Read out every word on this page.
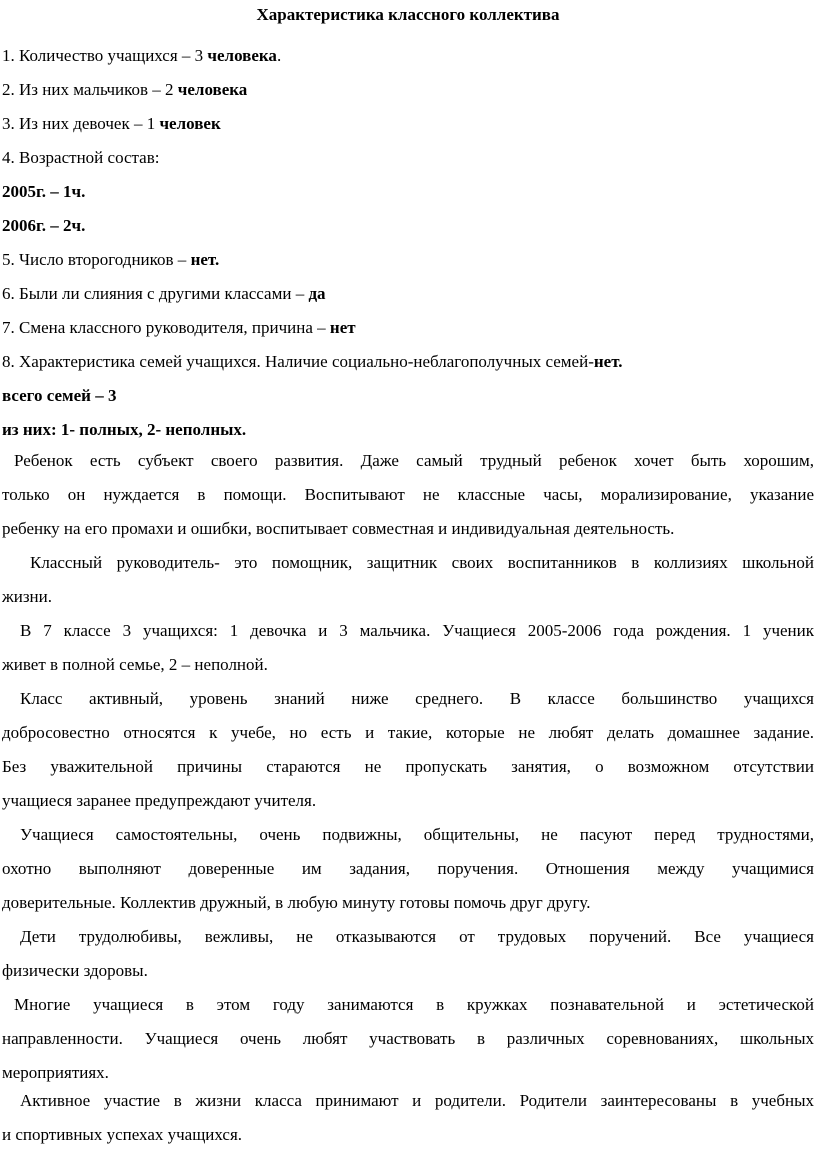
Характеристика классного коллектива
1. Количество учащихся – 3 человека.
2. Из них мальчиков – 2 человека
3. Из них девочек – 1 человек
4. Возрастной состав:
2005г. – 1ч.
2006г. – 2ч.
5. Число второгодников – нет.
6. Были ли слияния с другими классами – да
7. Смена классного руководителя, причина – нет
8. Характеристика семей учащихся. Наличие социально-неблагополучных семей-нет.
всего семей – 3
из них: 1- полных, 2- неполных.
Ребенок есть субъект своего развития. Даже самый трудный ребенок хочет быть хорошим,
только он нуждается в помощи. Воспитывают не классные часы, морализирование, указание
ребенку на его промахи и ошибки, воспитывает совместная и индивидуальная деятельность.
Классный руководитель- это помощник, защитник своих воспитанников в коллизиях школьной
жизни.
В 7 классе 3 учащихся: 1 девочка и 3 мальчика. Учащиеся 2005-2006 года рождения. 1 ученик
живет в полной семье, 2 – неполной.
Класс активный, уровень знаний ниже среднего. В классе большинство учащихся
добросовестно относятся к учебе, но есть и такие, которые не любят делать домашнее задание.
Без уважительной причины стараются не пропускать занятия, о возможном отсутствии
учащиеся заранее предупреждают учителя.
Учащиеся самостоятельны, очень подвижны, общительны, не пасуют перед трудностями,
охотно выполняют доверенные им задания, поручения. Отношения между учащимися
доверительные. Коллектив дружный, в любую минуту готовы помочь друг другу.
Дети трудолюбивы, вежливы, не отказываются от трудовых поручений. Все учащиеся
физически здоровы.
Многие учащиеся в этом году занимаются в кружках познавательной и эстетической
направленности. Учащиеся очень любят участвовать в различных соревнованиях, школьных
мероприятиях.
Активное участие в жизни класса принимают и родители. Родители заинтересованы в учебных
и спортивных успехах учащихся.
